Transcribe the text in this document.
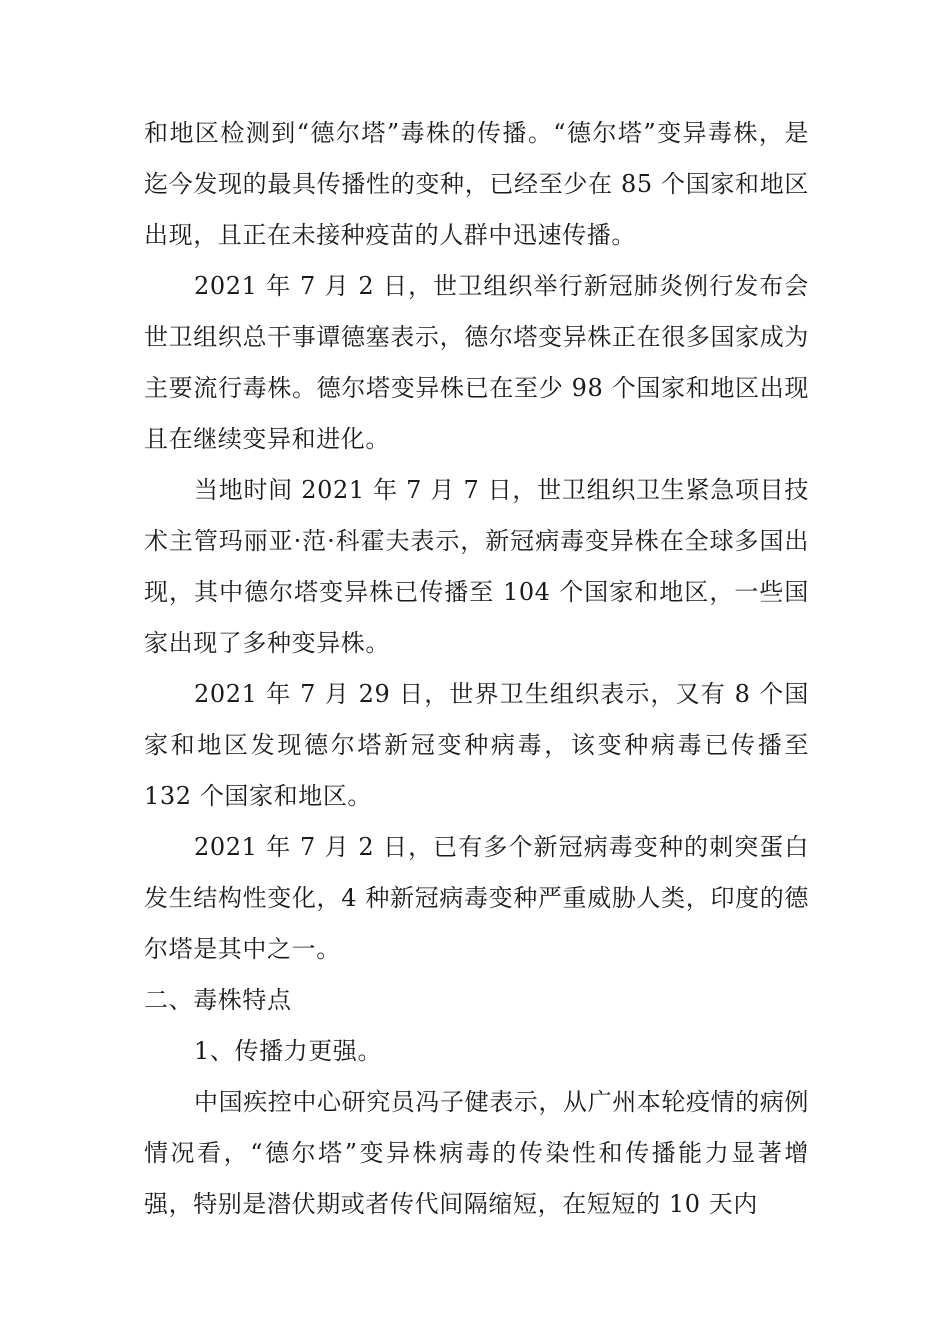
和地区检测到“德尔塔”毒株的传播。“德尔塔”变异毒株，是迄今发现的最具传播性的变种，已经至少在 85 个国家和地区出现，且正在未接种疫苗的人群中迅速传播。

2021 年 7 月 2 日，世卫组织举行新冠肺炎例行发布会世卫组织总干事谭德塞表示，德尔塔变异株正在很多国家成为主要流行毒株。德尔塔变异株已在至少 98 个国家和地区出现 且在继续变异和进化。

当地时间 2021 年 7 月 7 日，世卫组织卫生紧急项目技术主管玛丽亚·范·科霍夫表示，新冠病毒变异株在全球多国出现，其中德尔塔变异株已传播至 104 个国家和地区，一些国家出现了多种变异株。

2021 年 7 月 29 日，世界卫生组织表示，又有 8 个国家和地区发现德尔塔新冠变种病毒，该变种病毒已传播至 132 个国家和地区。

2021 年 7 月 2 日，已有多个新冠病毒变种的刺突蛋白发生结构性变化，4 种新冠病毒变种严重威胁人类，印度的德尔塔是其中之一。

二、毒株特点

1、传播力更强。

中国疾控中心研究员冯子健表示，从广州本轮疫情的病例情况看，“德尔塔”变异株病毒的传染性和传播能力显著增强，特别是潜伏期或者传代间隔缩短，在短短的 10 天内
